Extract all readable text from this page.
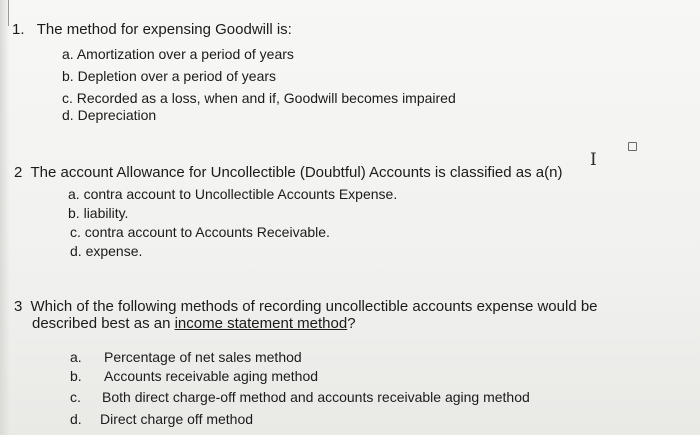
1. The method for expensing Goodwill is:
a. Amortization over a period of years
b. Depletion over a period of years
c. Recorded as a loss, when and if, Goodwill becomes impaired
d. Depreciation
I
2 The account Allowance for Uncollectible (Doubtful) Accounts is classified as a(n)
a. contra account to Uncollectible Accounts Expense.
b. liability.
c. contra account to Accounts Receivable.
d. expense.
3 Which of the following methods of recording uncollectible accounts expense would be
described best as an income statement method?
a.	Percentage of net sales method
b.	Accounts receivable aging method
c.	Both direct charge-off method and accounts receivable aging method
d.	Direct charge off method
